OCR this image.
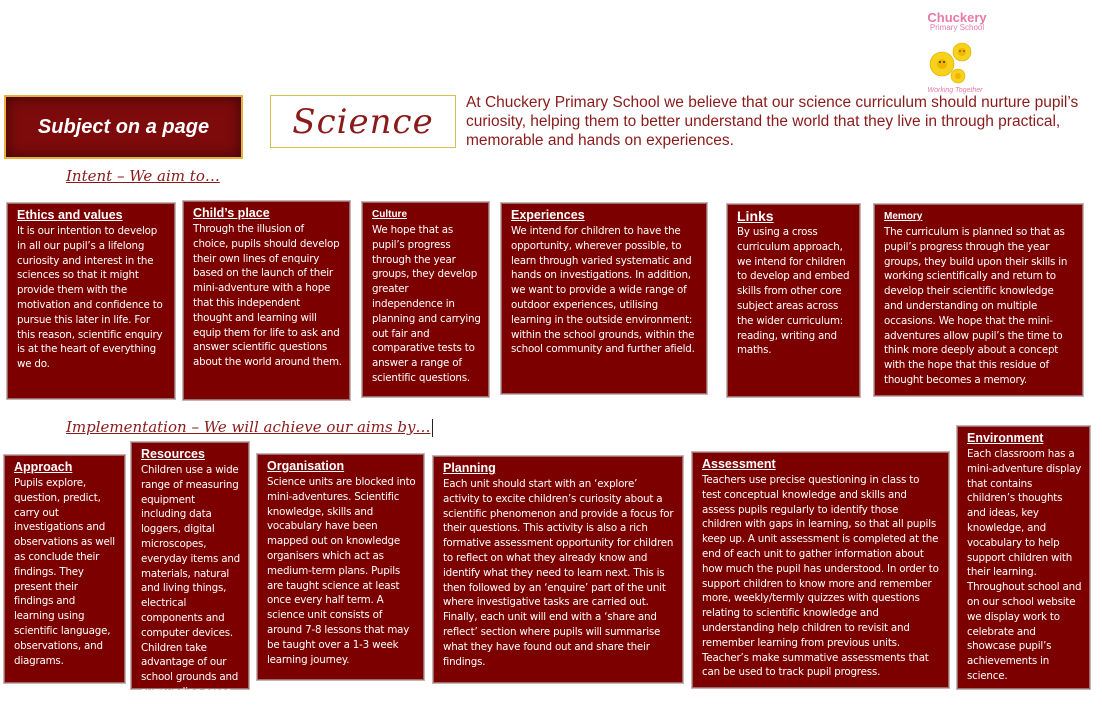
Chuckery
Primary School
Working Together
Subject on a page	Science	At Chuckery Primary School we believe that our science curriculum should nurture pupil’s curiosity, helping them to better understand the world that they live in through practical, memorable and hands on experiences.
Intent – We aim to…
Ethics and values
It is our intention to develop in all our pupil’s a lifelong curiosity and interest in the sciences so that it might provide them with the motivation and confidence to pursue this later in life. For this reason, scientific enquiry is at the heart of everything we do.
Child’s place
Through the illusion of choice, pupils should develop their own lines of enquiry based on the launch of their mini-adventure with a hope that this independent thought and learning will equip them for life to ask and answer scientific questions about the world around them.
Culture
We hope that as pupil’s progress through the year groups, they develop greater independence in planning and carrying out fair and comparative tests to answer a range of scientific questions.
Experiences
We intend for children to have the opportunity, wherever possible, to learn through varied systematic and hands on investigations. In addition, we want to provide a wide range of outdoor experiences, utilising learning in the outside environment: within the school grounds, within the school community and further afield.
Links
By using a cross curriculum approach, we intend for children to develop and embed skills from other core subject areas across the wider curriculum: reading, writing and maths.
Memory
The curriculum is planned so that as pupil’s progress through the year groups, they build upon their skills in working scientifically and return to develop their scientific knowledge and understanding on multiple occasions. We hope that the mini-adventures allow pupil’s the time to think more deeply about a concept with the hope that this residue of thought becomes a memory.
Implementation – We will achieve our aims by…
Approach
Pupils explore, question, predict, carry out investigations and observations as well as conclude their findings. They present their findings and learning using scientific language, observations, and diagrams.
Resources
Children use a wide range of measuring equipment including data loggers, digital microscopes, everyday items and materials, natural and living things, electrical components and computer devices. Children take advantage of our school grounds and surrounding areas.
Organisation
Science units are blocked into mini-adventures. Scientific knowledge, skills and vocabulary have been mapped out on knowledge organisers which act as medium-term plans. Pupils are taught science at least once every half term. A science unit consists of around 7-8 lessons that may be taught over a 1-3 week learning journey.
Planning
Each unit should start with an ‘explore’ activity to excite children’s curiosity about a scientific phenomenon and provide a focus for their questions. This activity is also a rich formative assessment opportunity for children to reflect on what they already know and identify what they need to learn next. This is then followed by an ‘enquire’ part of the unit where investigative tasks are carried out. Finally, each unit will end with a ‘share and reflect’ section where pupils will summarise what they have found out and share their findings.
Assessment
Teachers use precise questioning in class to test conceptual knowledge and skills and assess pupils regularly to identify those children with gaps in learning, so that all pupils keep up. A unit assessment is completed at the end of each unit to gather information about how much the pupil has understood. In order to support children to know more and remember more, weekly/termly quizzes with questions relating to scientific knowledge and understanding help children to revisit and remember learning from previous units. Teacher’s make summative assessments that can be used to track pupil progress.
Environment
Each classroom has a mini-adventure display that contains children’s thoughts and ideas, key knowledge, and vocabulary to help support children with their learning. Throughout school and on our school website we display work to celebrate and showcase pupil’s achievements in science.
